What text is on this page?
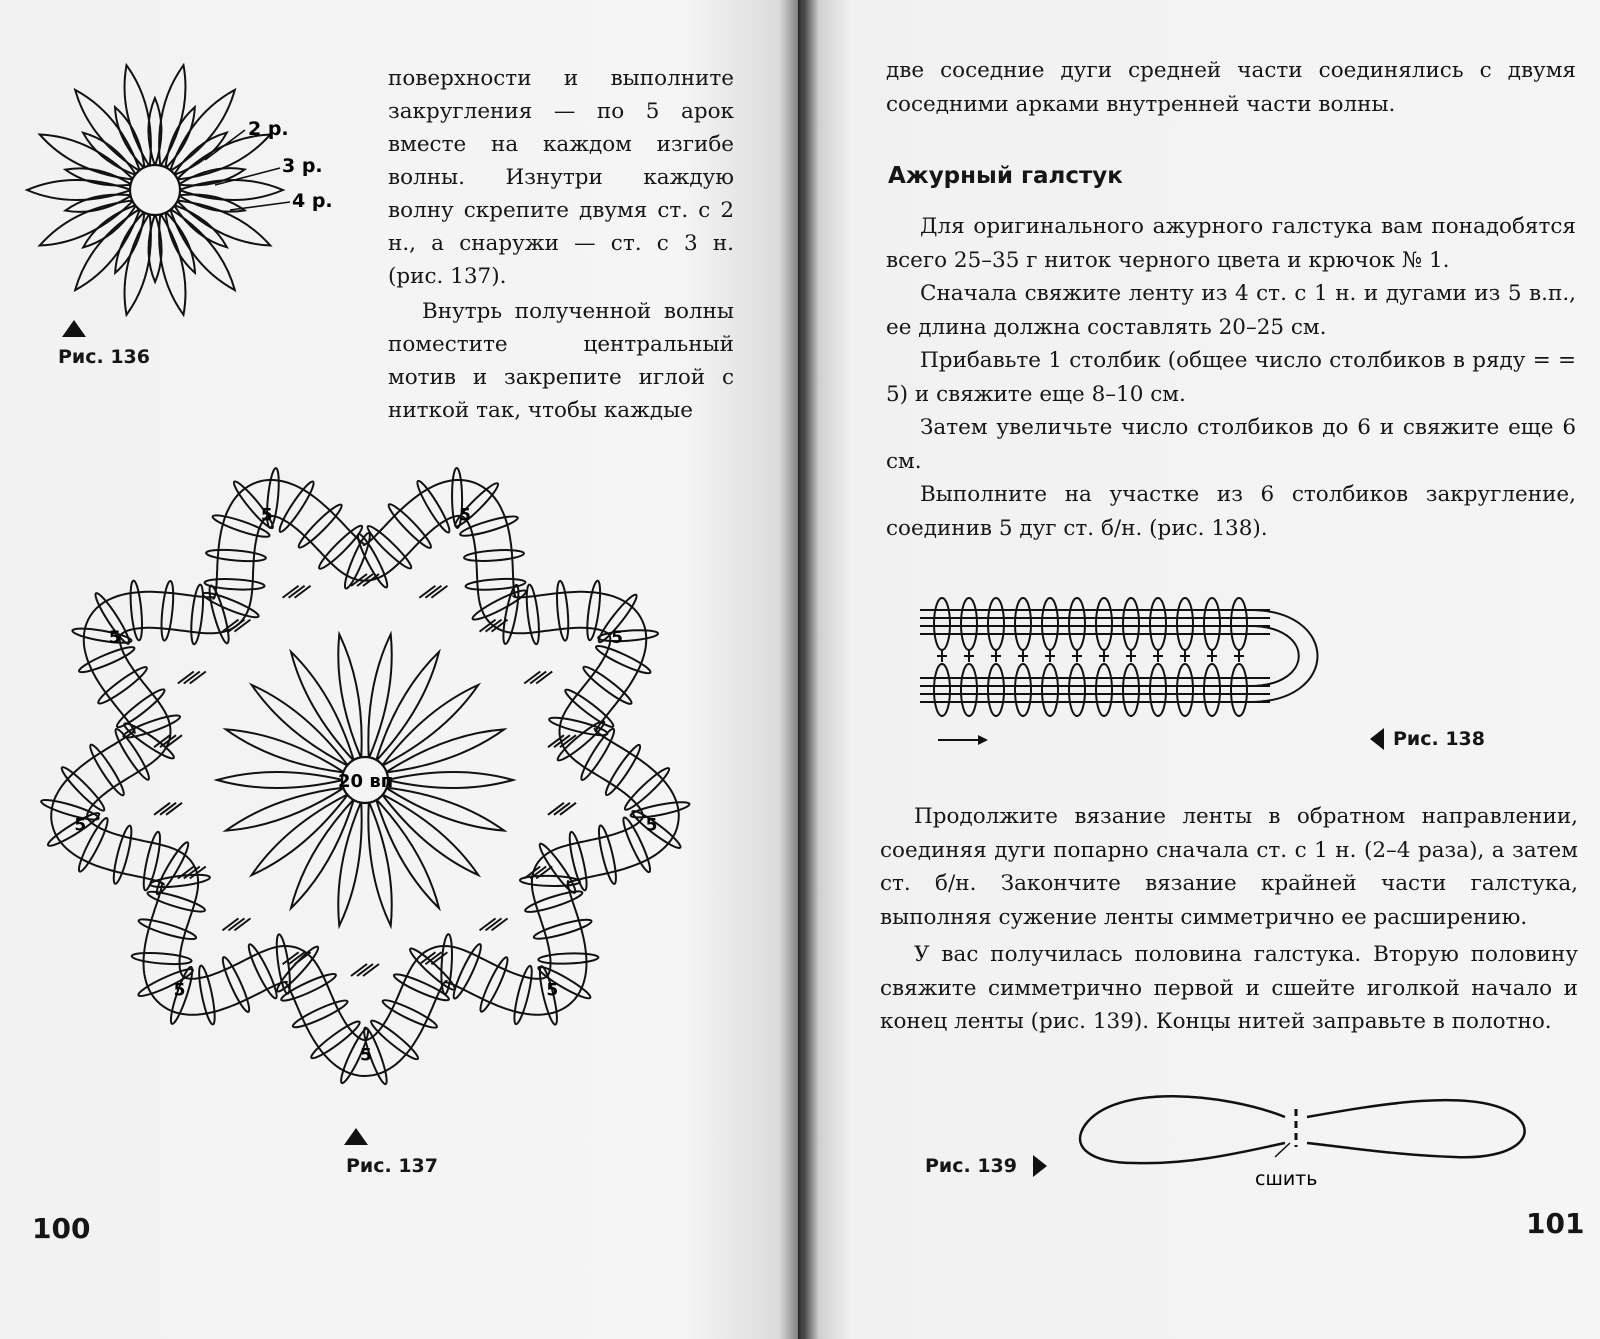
2 р.
3 р.
4 р.
Рис. 136

поверхности и выполните закругления — по 5 арок вместе на каждом изгибе волны. Изнутри каждую волну скрепите двумя ст. с 2 н., а снаружи — ст. с 3 н. (рис. 137).

Внутрь полученной волны поместите центральный мотив и закрепите иглой с ниткой так, чтобы каждые

20 вп
5
5
5
5
5
5
5	5
5
Рис. 137
100

две соседние дуги средней части соединялись с двумя соседними арками внутренней части волны.

Ажурный галстук

Для оригинального ажурного галстука вам понадобятся всего 25–35 г ниток черного цвета и крючок № 1.

Сначала свяжите ленту из 4 ст. с 1 н. и дугами из 5 в.п., ее длина должна составлять 20–25 см.

Прибавьте 1 столбик (общее число столбиков в ряду = = 5) и свяжите еще 8–10 см.

Затем увеличьте число столбиков до 6 и свяжите еще 6 см.

Выполните на участке из 6 столбиков закругление, соединив 5 дуг ст. б/н. (рис. 138).

Рис. 138

Продолжите вязание ленты в обратном направлении, соединяя дуги попарно сначала ст. с 1 н. (2–4 раза), а затем ст. б/н. Закончите вязание крайней части галстука, выполняя сужение ленты симметрично ее расширению.

У вас получилась половина галстука. Вторую половину свяжите симметрично первой и сшейте иголкой начало и конец ленты (рис. 139). Концы нитей заправьте в полотно.

сшить
Рис. 139
101
